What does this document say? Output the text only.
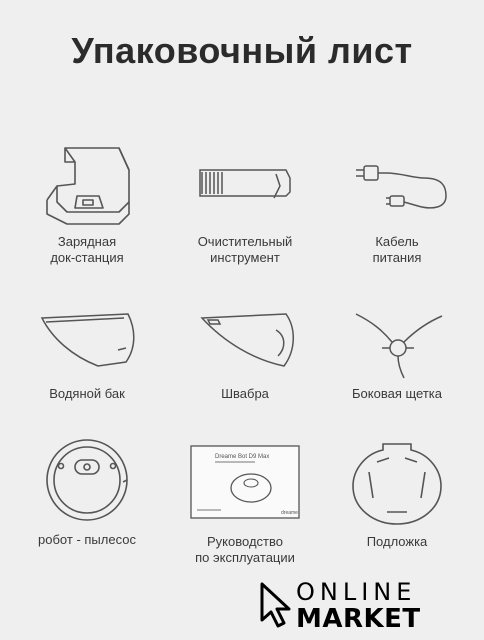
Упаковочный лист
Зарядная
док-станция
Очиститель​ный
инструмент
Кабель
питания
Водяной бак	Швабра	Боковая щетка
робот - пылесос
Dreame Bot D9 Max
dreame
Руководство
по эксплуатации
Подложка
ONLINE
MARKET
